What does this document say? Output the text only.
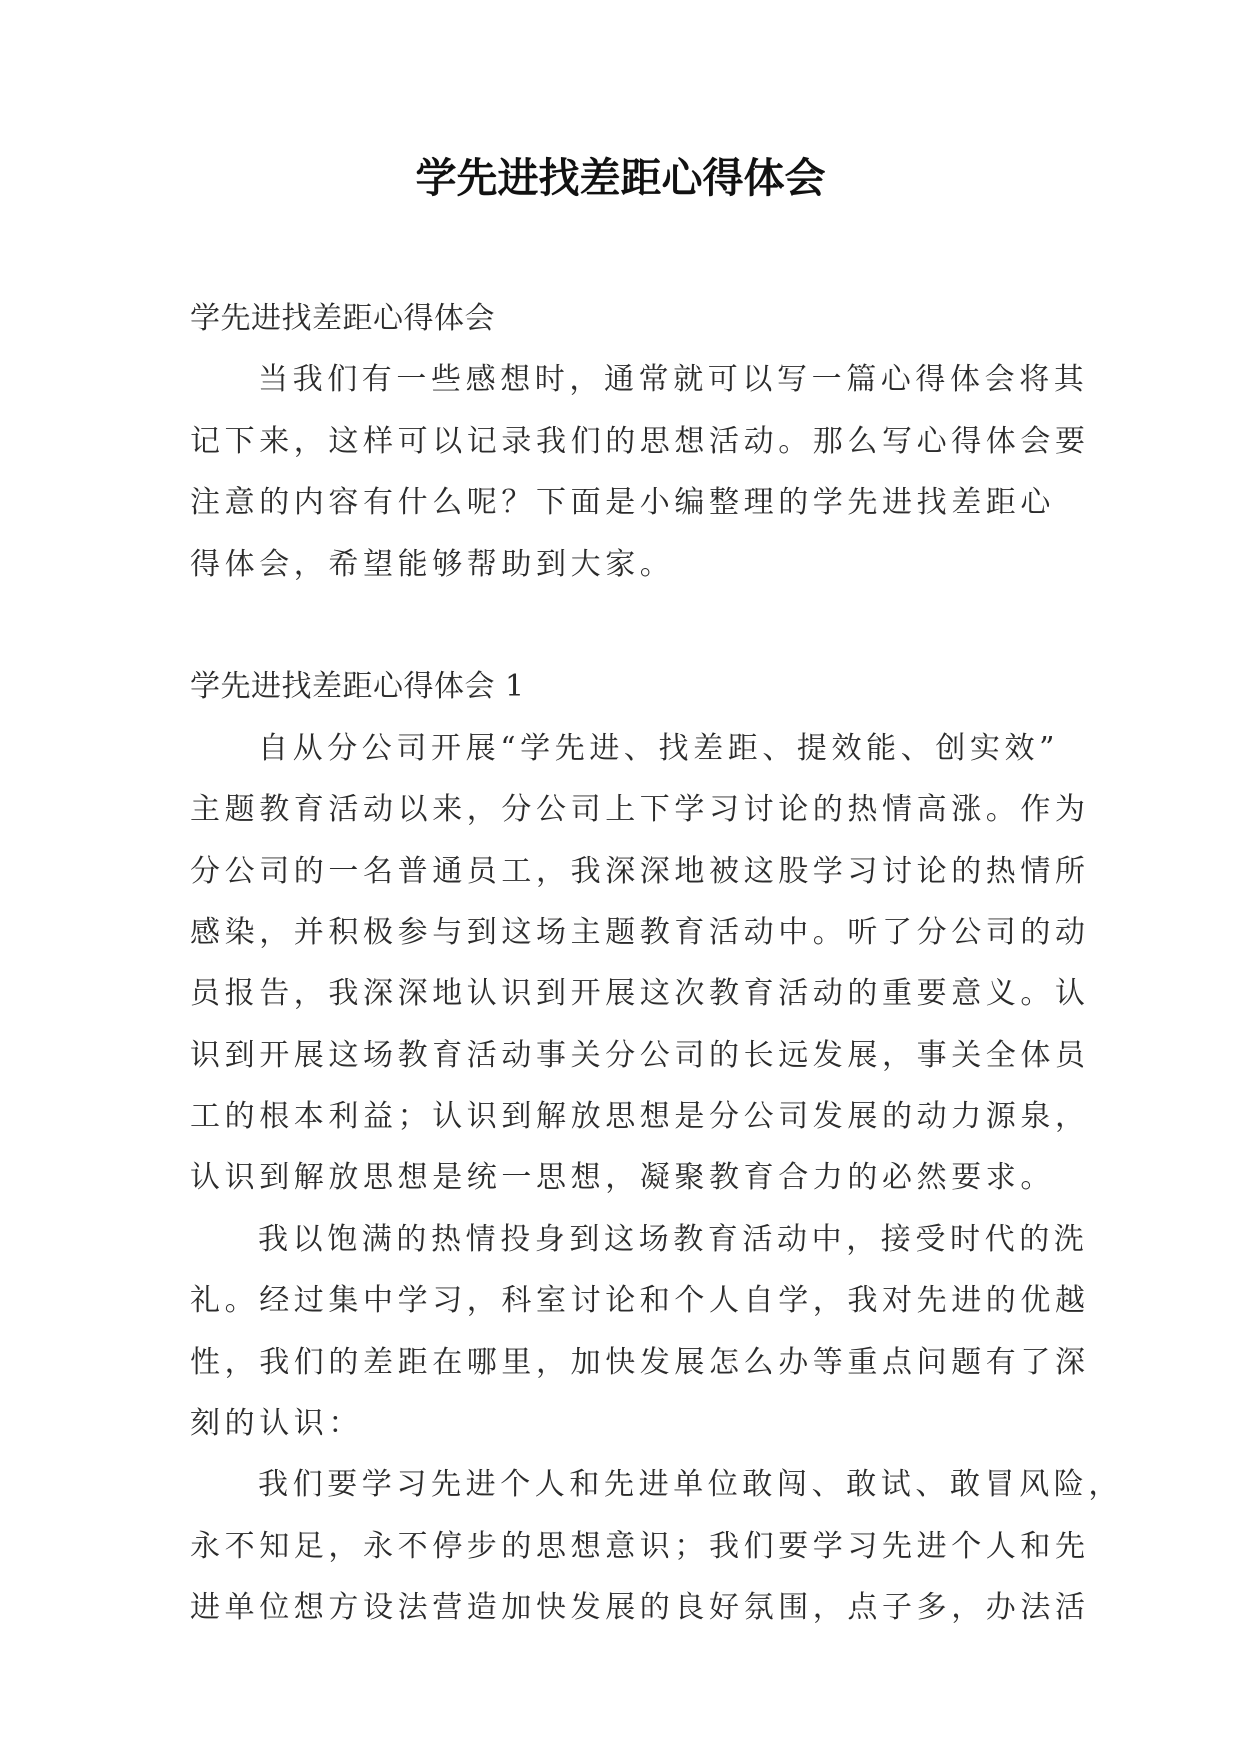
学先进找差距心得体会
学先进找差距心得体会
当我们有一些感想时，通常就可以写一篇心得体会将其
记下来，这样可以记录我们的思想活动。那么写心得体会要
注意的内容有什么呢？下面是小编整理的学先进找差距心
得体会，希望能够帮助到大家。
学先进找差距心得体会 1
自从分公司开展“学先进、找差距、提效能、创实效”
主题教育活动以来，分公司上下学习讨论的热情高涨。作为
分公司的一名普通员工，我深深地被这股学习讨论的热情所
感染，并积极参与到这场主题教育活动中。听了分公司的动
员报告，我深深地认识到开展这次教育活动的重要意义。认
识到开展这场教育活动事关分公司的长远发展，事关全体员
工的根本利益；认识到解放思想是分公司发展的动力源泉，
认识到解放思想是统一思想，凝聚教育合力的必然要求。
我以饱满的热情投身到这场教育活动中，接受时代的洗
礼。经过集中学习，科室讨论和个人自学，我对先进的优越
性，我们的差距在哪里，加快发展怎么办等重点问题有了深
刻的认识：
我们要学习先进个人和先进单位敢闯、敢试、敢冒风险，
永不知足，永不停步的思想意识；我们要学习先进个人和先
进单位想方设法营造加快发展的良好氛围，点子多，办法活
